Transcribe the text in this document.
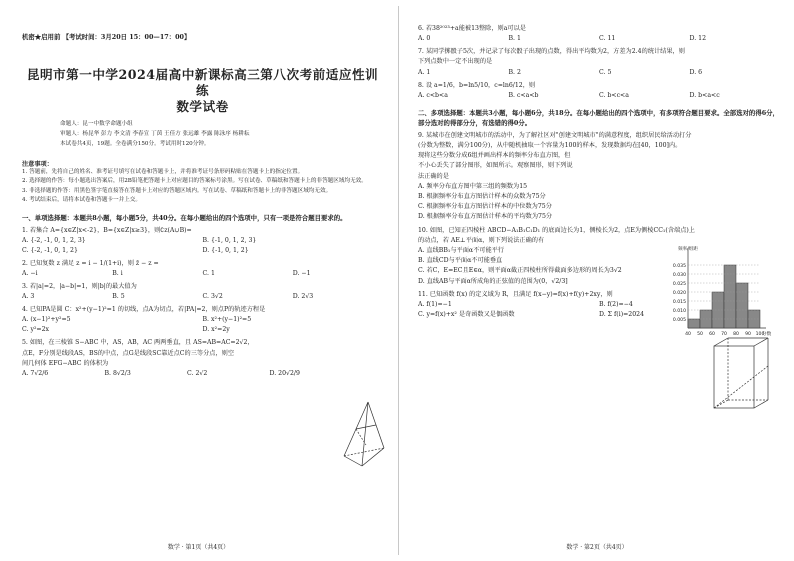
机密★启用前 【考试时间：3月20日 15：00—17：00】
昆明市第一中学2024届高中新课标高三第八次考前适应性训练
数学试卷
命题人：昆一中数学命题小组
审题人：杨昆华 彭力 李文清 李春宣 丁茵 王佳方 张远雄 李露 陈泳序 杨耕耘
本试卷共4页，19题。全卷满分150分。考试用时120分钟。
注意事项：
1. 答题前，先将自己的姓名、准考证号填写在试卷和答题卡上，并将准考证号条形码粘贴在答题卡上的指定位置。
2. 选择题的作答：每小题选出答案后，用2B铅笔把答题卡上对应题目的答案标号涂黑。写在试卷、草稿纸和答题卡上的非答题区域均无效。
3. 非选择题的作答：用黑色签字笔直接答在答题卡上对应的答题区域内。写在试卷、草稿纸和答题卡上的非答题区域均无效。
4. 考试结束后，请将本试卷和答题卡一并上交。
一、单项选择题：本题共8小题，每小题5分，共40分。在每小题给出的四个选项中，只有一项是符合题目要求的。
1. 若集合 A={x∈Z|x<-2}，B={x∈Z|x≥3}，则∁z(A∪B)=
A. {-2, -1, 0, 1, 2, 3}	B. {-1, 0, 1, 2, 3}
C. {-2, -1, 0, 1, 2}	D. {-1, 0, 1, 2}
2. 已知复数 z 满足 z = i − 1/(1+i)，则 z̄ − z =
A. −i	B. i	C. 1	D. −1
3. 若|a|=2，|a−b|=1，则|b|的最大值为
A. 3	B. 5	C. 3√2	D. 2√3
4. 已知PA是圆 C：x²+(y−1)²=1 的切线，点A为切点，若|PA|=2，则点P的轨迹方程是
A. (x−1)²+y²=5	B. x²+(y−1)²=5
C. y²=2x	D. x²=2y
5. 如图，在三棱锥 S−ABC 中，AS，AB，AC 两两垂直，且 AS=AB=AC=2√2，
点E，F分别是线段AS，BS的中点，点G是线段SC靠近点C的三等分点，则空
间几何体 EFG−ABC 的体积为
A. 7√2/6	B. 8√2/3	C. 2√2	D. 20√2/9
数学 · 第1页（共4页）
6. 若38²⁰²³+a能被13整除，则a可以是
A. 0	B. 1	C. 11	D. 12
7. 某同学掷骰子5次，并记录了每次骰子出现的点数，得出平均数为2，方差为2.4的统计结果，则
下列点数中一定不出现的是
A. 1	B. 2	C. 5	D. 6
8. 设 a=1/6，b=ln5/10，c=ln6/12，则
A. c<b<a	B. c<a<b	C. b<c<a	D. b<a<c
二、多项选择题：本题共3小题，每小题6分，共18分。在每小题给出的四个选项中，有多项符合题目要求。全部选对的得6分，部分选对的得部分分，有选错的得0分。
9. 某城市在创建文明城市的活动中，为了解社区对"创建文明城市"的满意程度，组织居民给活动打分
(分数为整数，满分100分)，从中随机抽取一个容量为100的样本，发现数据均在[40，100]内。
现将这些分数分成6组并画出样本的频率分布直方图，但
不小心丢失了部分图形，如图所示。观察图形，则下列说
法正确的是
A. 频率分布直方图中第三组的频数为15
B. 根据频率分布直方图估计样本的众数为75分
C. 根据频率分布直方图估计样本的中位数为75分
D. 根据频率分布直方图估计样本的平均数为75分
10. 如图，已知正四棱柱 ABCD−A₁B₁C₁D₁ 的底面边长为1，侧棱长为2，点E为侧棱CC₁(含端点)上
的动点，若 AE⊥平面α，则下列说法正确的有
A. 直线BB₁与平面α不可能平行
B. 直线CD与平面α不可能垂直
C. 若C，E=EC且E∈α，则平面α截正四棱柱所得截面多边形的周长为3√2
D. 直线AB与平面α所成角的正弦值的范围为(0，√2/3]
11. 已知函数 f(x) 的定义域为 R，且满足 f(x−y)=f(x)+f(y)+2xy，则
A. f(1)=−1	B. f(2)=−4
C. y=f(x)+x² 是奇函数又是偶函数	D. Σ f(i)=2024
0.035
0.030
0.025
0.020
0.015
0.010
0.005
40 50 60 70 80 90 100
频率/组距
分数
数学 · 第2页（共4页）
